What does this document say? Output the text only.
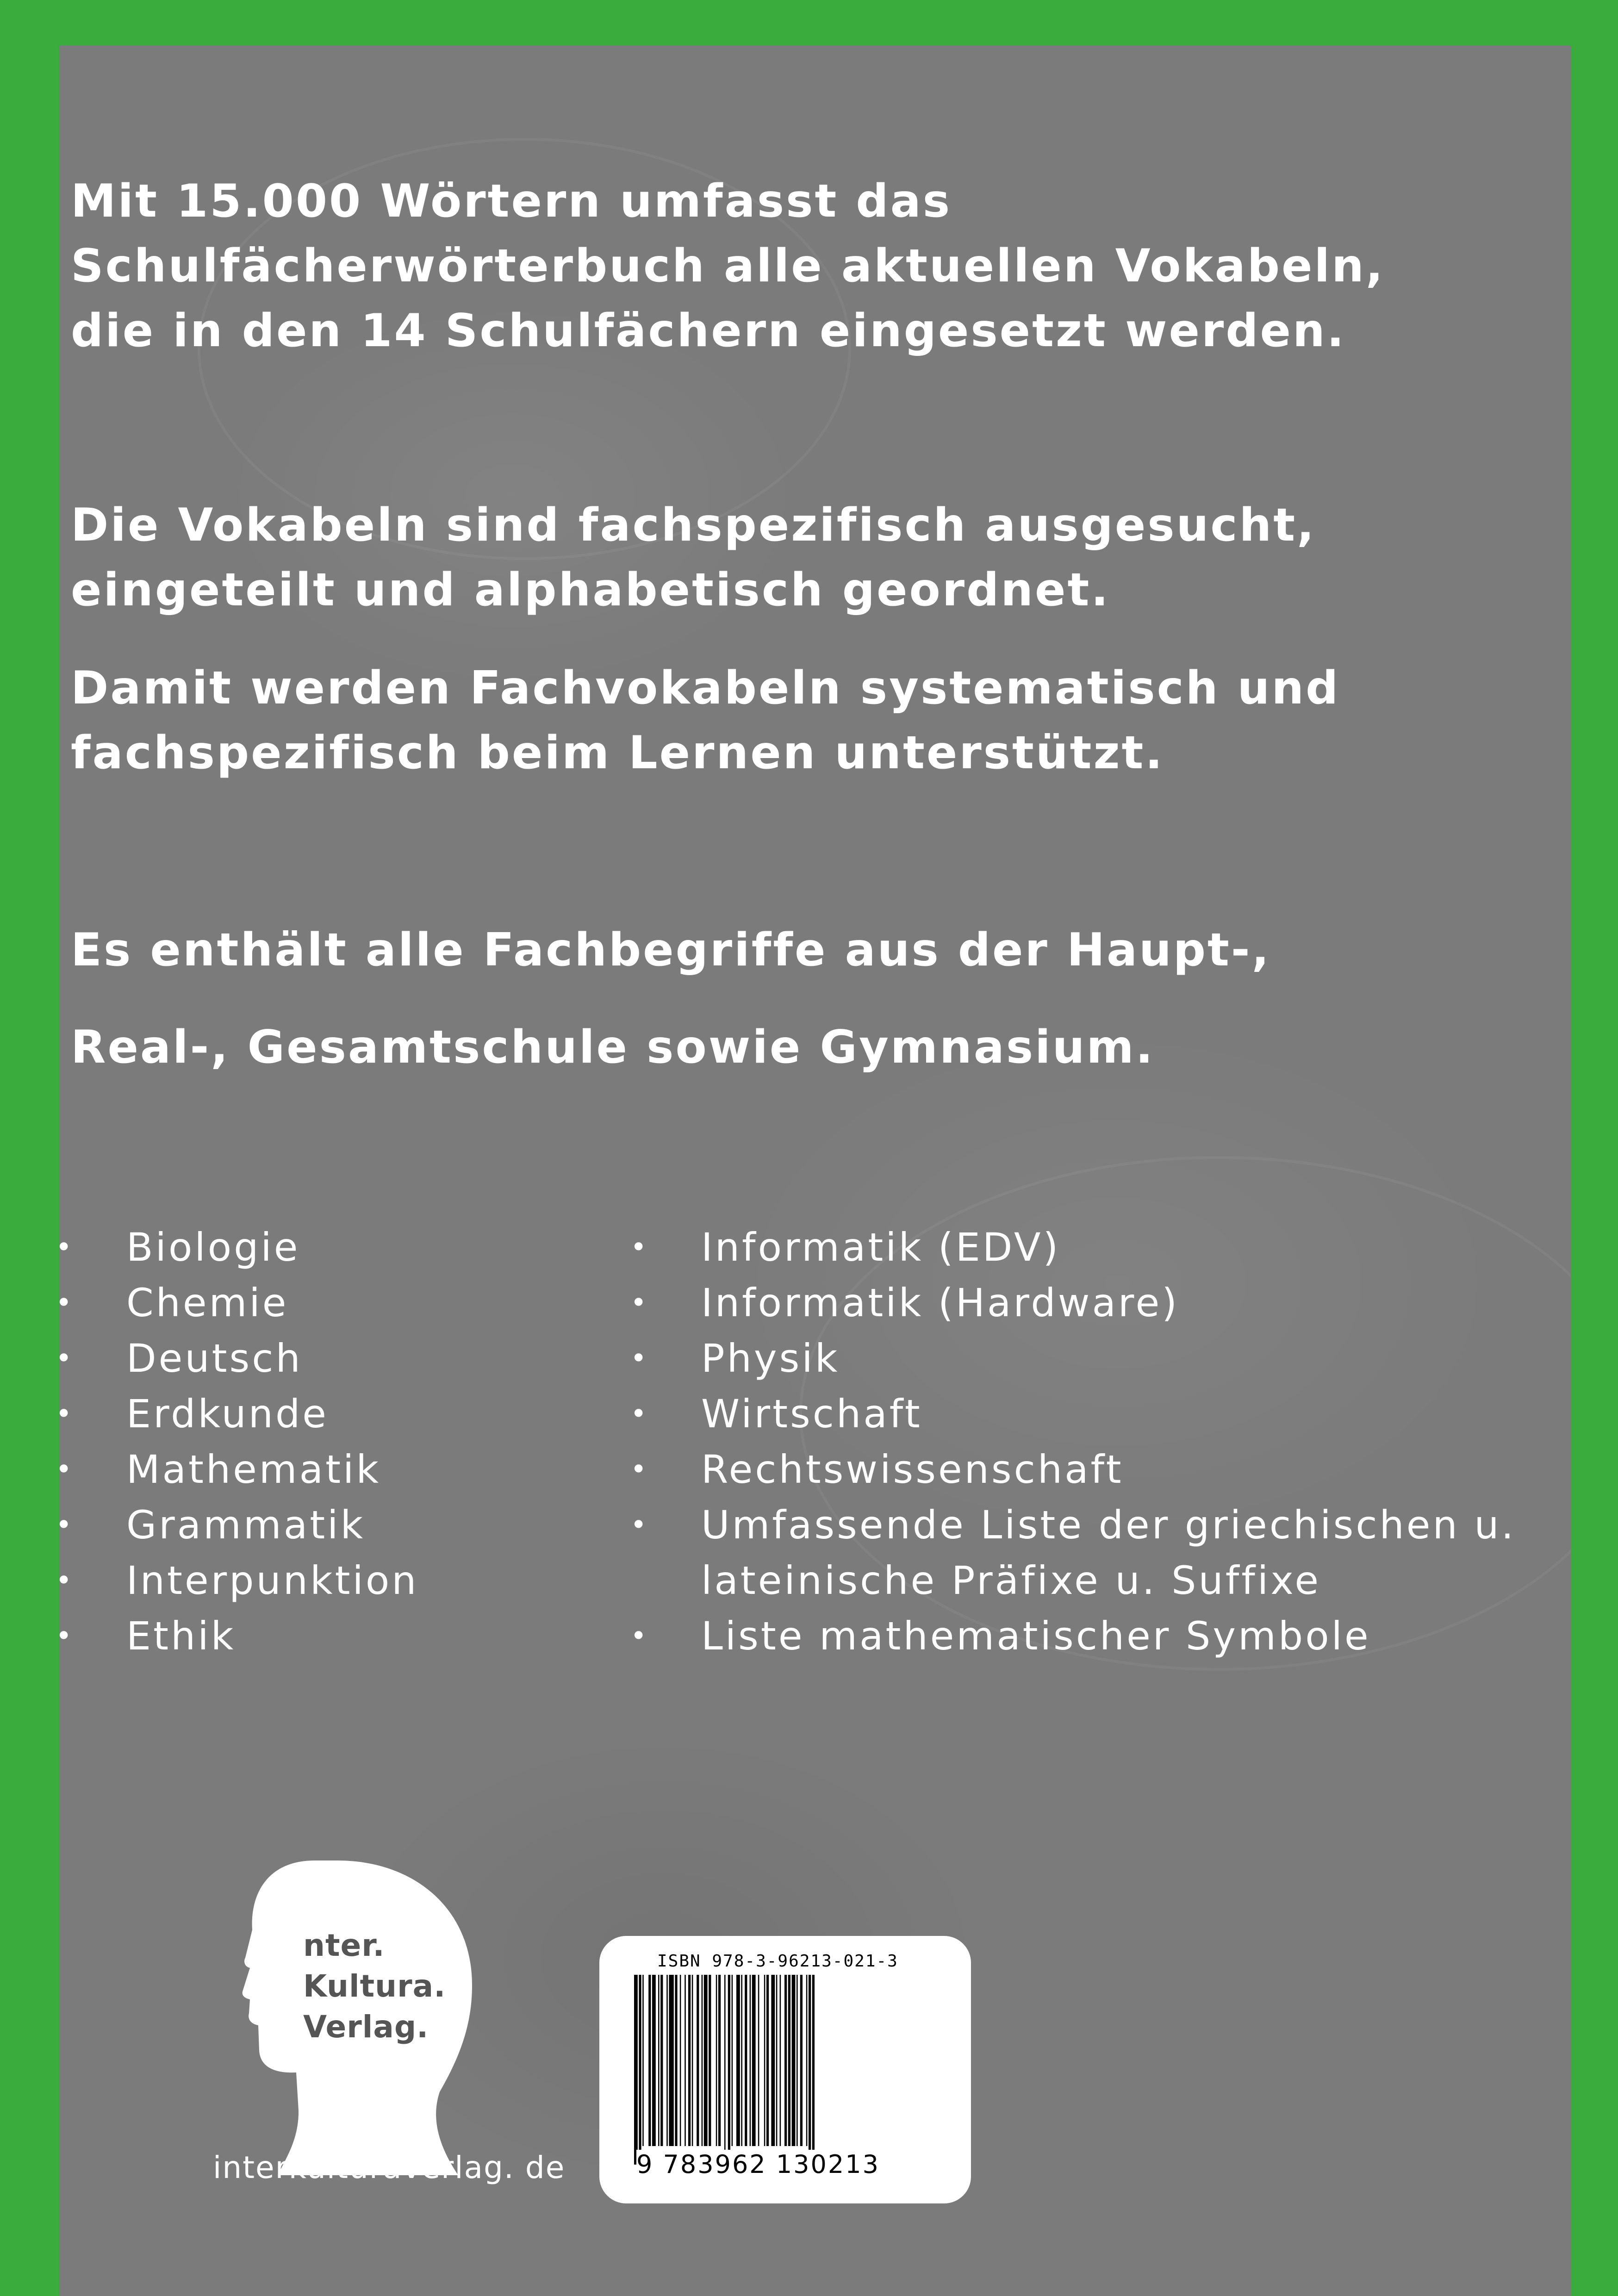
Mit 15.000 Wörtern umfasst das
Schulfächerwörterbuch alle aktuellen Vokabeln,
die in den 14 Schulfächern eingesetzt werden.

Die Vokabeln sind fachspezifisch ausgesucht,
eingeteilt und alphabetisch geordnet.

Damit werden Fachvokabeln systematisch und
fachspezifisch beim Lernen unterstützt.

Es enthält alle Fachbegriffe aus der Haupt-,

Real-, Gesamtschule sowie Gymnasium.

• Biologie
• Chemie
• Deutsch
• Erdkunde
• Mathematik
• Grammatik
• Interpunktion
• Ethik
• Informatik (EDV)
• Informatik (Hardware)
• Physik
• Wirtschaft
• Rechtswissenschaft
• Umfassende Liste der griechischen u.
lateinische Präfixe u. Suffixe
• Liste mathematischer Symbole
nter.
Kultura.
Verlag.
interkulturaverlag. de
ISBN 978-3-96213-021-3
9 783962 130213
